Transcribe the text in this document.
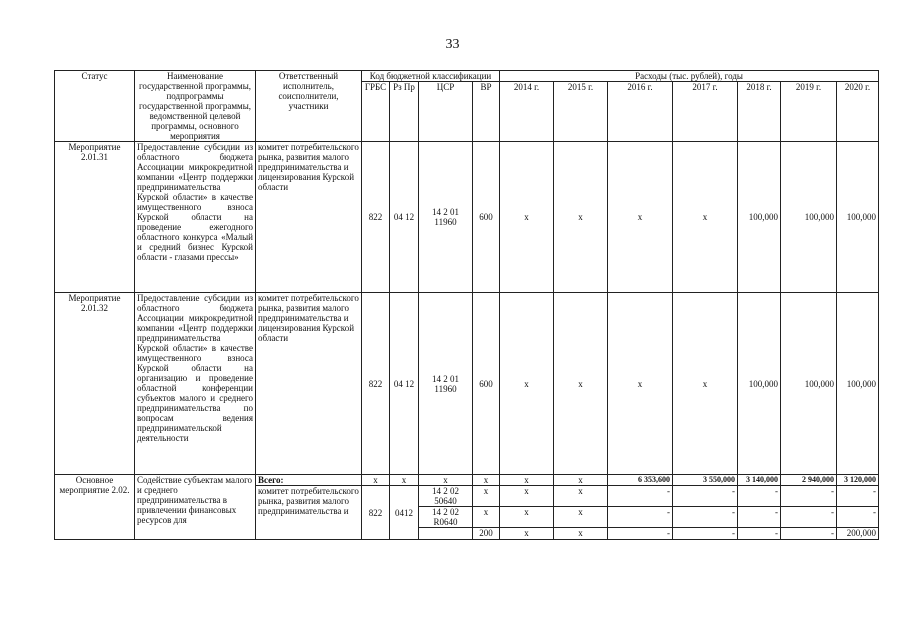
33
Статус	Наименование государственной программы, подпрограммы государственной программы, ведомственной целевой программы, основного мероприятия	Ответственный исполнитель, соисполнители, участники	Код бюджетной классификации				Расходы (тыс. рублей), годы						
			ГРБС	Рз Пр	ЦСР	ВР	2014 г.	2015 г.	2016 г.	2017 г.	2018 г.	2019 г.	2020 г.
Мероприятие 2.01.31	Предоставление субсидии из областного бюджета Ассоциации микрокредитной компании «Центр поддержки предпринимательства Курской области» в качестве имущественного взноса Курской области на проведение ежегодного областного конкурса «Малый и средний бизнес Курской области - глазами прессы»	комитет потребительского рынка, развития малого предпринимательства и лицензирования Курской области	822	04 12	14 2 01 11960	600	x	x	x	x	100,000	100,000	100,000
Мероприятие 2.01.32	Предоставление субсидии из областного бюджета Ассоциации микрокредитной компании «Центр поддержки предпринимательства Курской области» в качестве имущественного взноса Курской области на организацию и проведение областной конференции субъектов малого и среднего предпринимательства по вопросам ведения предпринимательской деятельности	комитет потребительского рынка, развития малого предпринимательства и лицензирования Курской области	822	04 12	14 2 01 11960	600	x	x	x	x	100,000	100,000	100,000
Основное мероприятие 2.02.	Содействие субъектам малого и среднего предпринимательства в привлечении финансовых ресурсов для	Всего:	x	x	x	x	x	x	6 353,600	3 550,000	3 140,000	2 940,000	3 120,000
		комитет потребительского рынка, развития малого предпринимательства и	822	0412	14 2 02 50640	x	x	x	-	-	-	-	-
					14 2 02 R0640	x	x	x	-	-	-	-	-
						200	x	x	-	-	-	-	200,000
